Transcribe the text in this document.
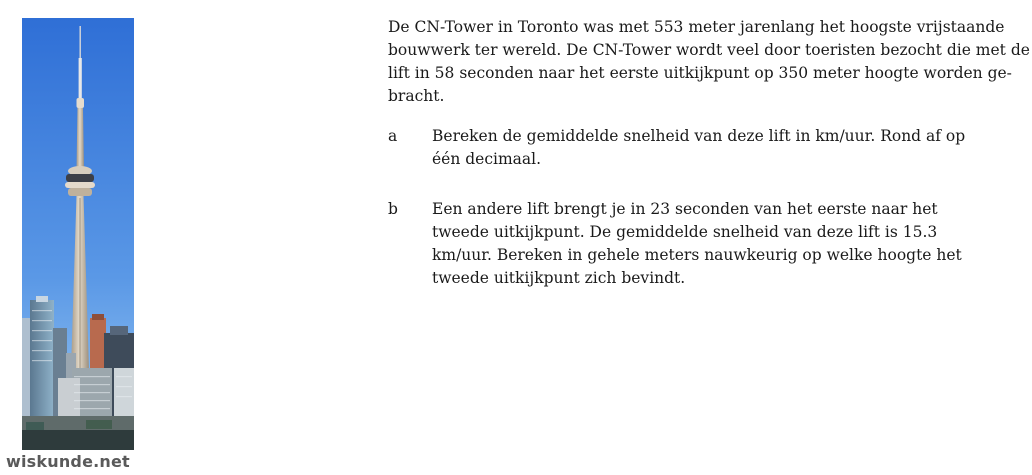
wiskunde.net

De CN-Tower in Toronto was met 553 meter jarenlang het hoogste vrijstaande
bouwwerk ter wereld. De CN-Tower wordt veel door toeristen bezocht die met de
lift in 58 seconden naar het eerste uitkijkpunt op 350 meter hoogte worden ge-
bracht.

a Bereken de gemiddelde snelheid van deze lift in km/uur. Rond af op
één decimaal.
b Een andere lift brengt je in 23 seconden van het eerste naar het
tweede uitkijkpunt. De gemiddelde snelheid van deze lift is 15.3
km/uur. Bereken in gehele meters nauwkeurig op welke hoogte het
tweede uitkijkpunt zich bevindt.
